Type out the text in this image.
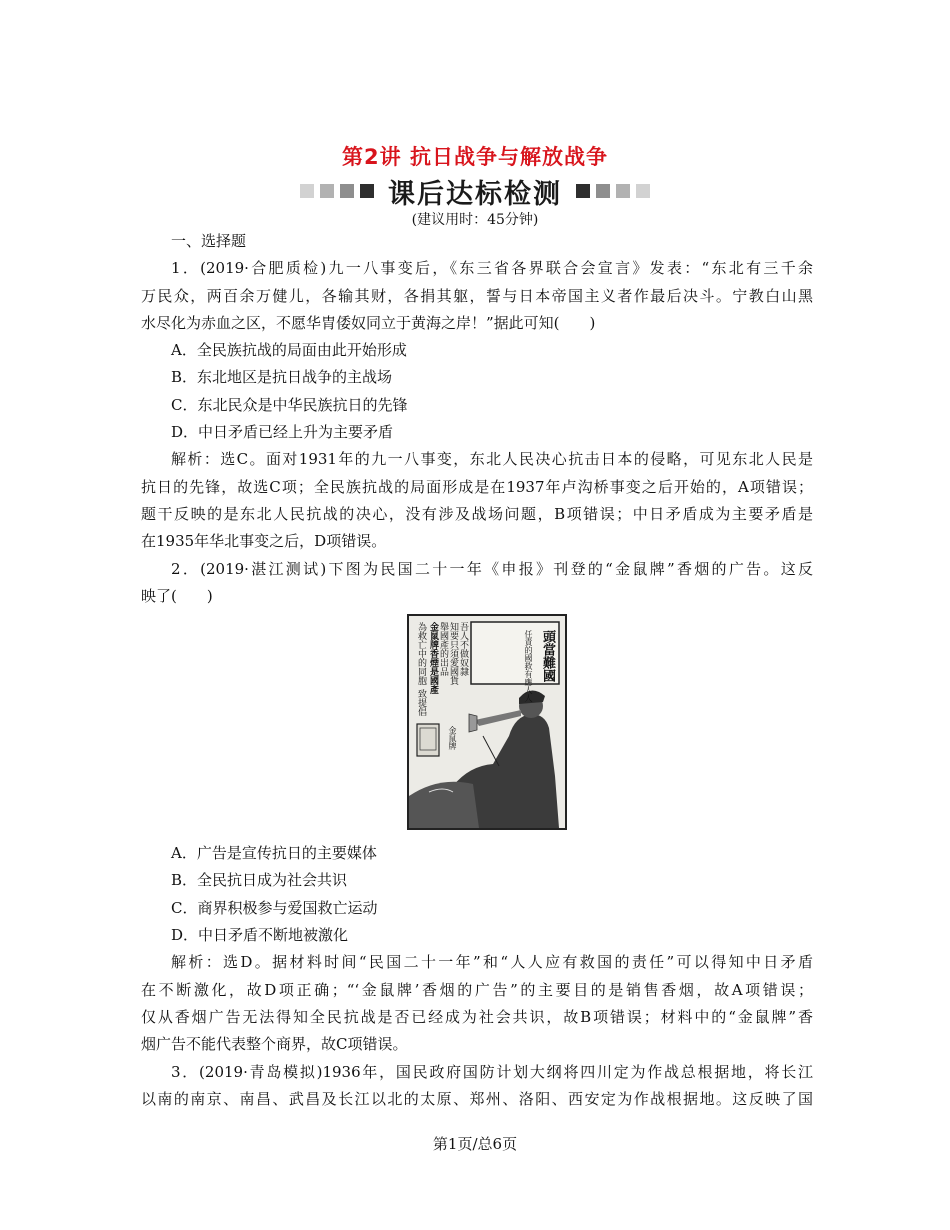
第2讲 抗日战争与解放战争
课后达标检测
(建议用时：45分钟)
一、选择题
1．(2019·合肥质检)九一八事变后，《东三省各界联合会宣言》发表：“东北有三千余
万民众，两百余万健儿，各输其财，各捐其躯，誓与日本帝国主义者作最后决斗。宁教白山黑
水尽化为赤血之区，不愿华胄倭奴同立于黄海之岸！”据此可知(　　)
A．全民族抗战的局面由此开始形成
B．东北地区是抗日战争的主战场
C．东北民众是中华民族抗日的先锋
D．中日矛盾已经上升为主要矛盾
解析：选C。面对1931年的九一八事变，东北人民决心抗击日本的侵略，可见东北人民是
抗日的先锋，故选C项；全民族抗战的局面形成是在1937年卢沟桥事变之后开始的，A项错误；
题干反映的是东北人民抗战的决心，没有涉及战场问题，B项错误；中日矛盾成为主要矛盾是
在1935年华北事变之后，D项错误。
2．(2019·湛江测试)下图为民国二十一年《申报》刊登的“金鼠牌”香烟的广告。这反
映了(　　)
頭當難國
任責的國救有應人人
吾人不做奴隸
知要只須愛國貨
舉國產的出品
金鼠牌香煙是國產
為救亡中的同胞
一致提倡
金鼠牌
A．广告是宣传抗日的主要媒体
B．全民抗日成为社会共识
C．商界积极参与爱国救亡运动
D．中日矛盾不断地被激化
解析：选D。据材料时间“民国二十一年”和“人人应有救国的责任”可以得知中日矛盾
在不断激化，故D项正确；“‘金鼠牌’香烟的广告”的主要目的是销售香烟，故A项错误；
仅从香烟广告无法得知全民抗战是否已经成为社会共识，故B项错误；材料中的“金鼠牌”香
烟广告不能代表整个商界，故C项错误。
3．(2019·青岛模拟)1936年，国民政府国防计划大纲将四川定为作战总根据地，将长江
以南的南京、南昌、武昌及长江以北的太原、郑州、洛阳、西安定为作战根据地。这反映了国
第1页/总6页
